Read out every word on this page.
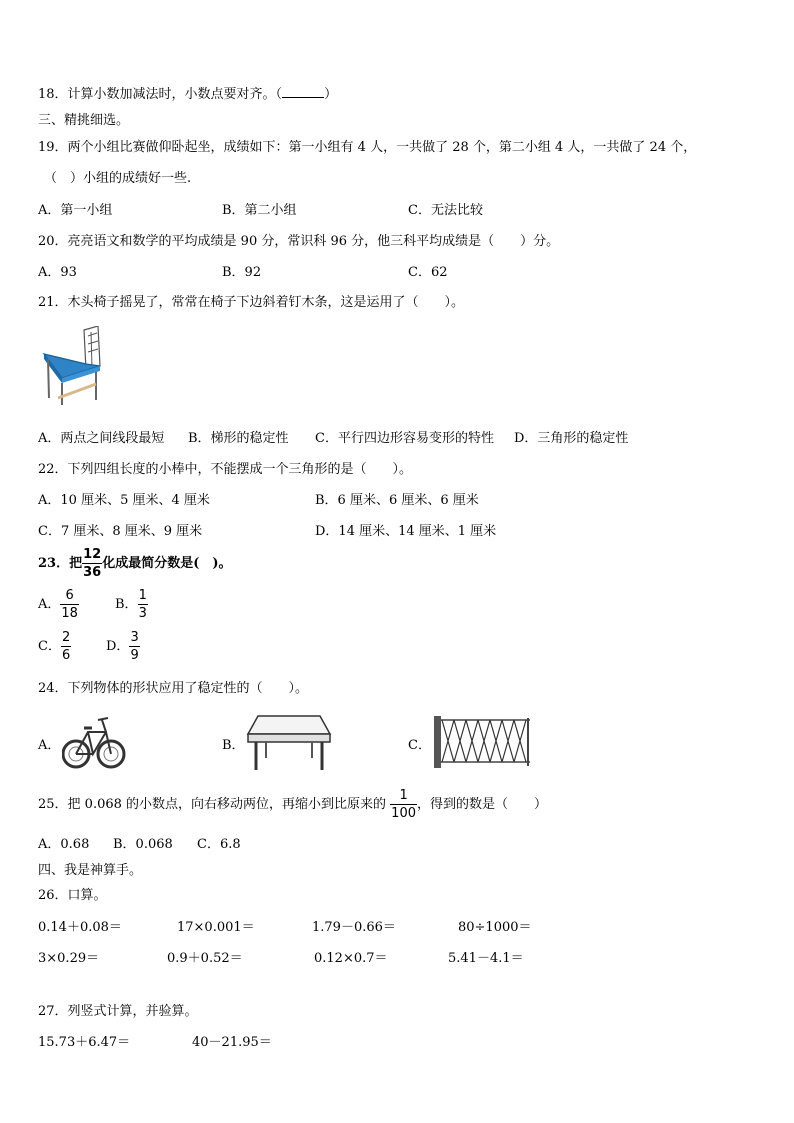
18．计算小数加减法时，小数点要对齐。（	）
三、精挑细选。
19．两个小组比赛做仰卧起坐，成绩如下：第一小组有 4 人，一共做了 28 个，第二小组 4 人，一共做了 24 个，
（　）小组的成绩好一些.
A．第一小组	B．第二小组	C．无法比较
20．亮亮语文和数学的平均成绩是 90 分，常识科 96 分，他三科平均成绩是（　　）分。
A．93	B．92	C．62
21．木头椅子摇晃了，常常在椅子下边斜着钉木条，这是运用了（　　）。
A．两点之间线段最短 B．梯形的稳定性 C．平行四边形容易变形的特性 D．三角形的稳定性
22．下列四组长度的小棒中，不能摆成一个三角形的是（　　）。
A．10 厘米、5 厘米、4 厘米	B．6 厘米、6 厘米、6 厘米
C．7 厘米、8 厘米、9 厘米	D．14 厘米、14 厘米、1 厘米
23．把 $\frac{12}{36}$ 化成最简分数是(　)。
A． $\frac{6}{18}$	B． $\frac{1}{3}$
C． $\frac{2}{6}$	D． $\frac{3}{9}$
24．下列物体的形状应用了稳定性的（　　）。
A．	B．	C．
25．把 0.068 的小数点，向右移动两位，再缩小到比原来的 $\frac{1}{100}$ ，得到的数是（　　）
A．0.68 B．0.068 C．6.8
四、我是神算手。
26．口算。
0.14＋0.08＝	17×0.001＝	1.79－0.66＝	80÷1000＝
3×0.29＝	0.9＋0.52＝	0.12×0.7＝	5.41－4.1＝
27．列竖式计算，并验算。
15.73＋6.47＝	40－21.95＝
